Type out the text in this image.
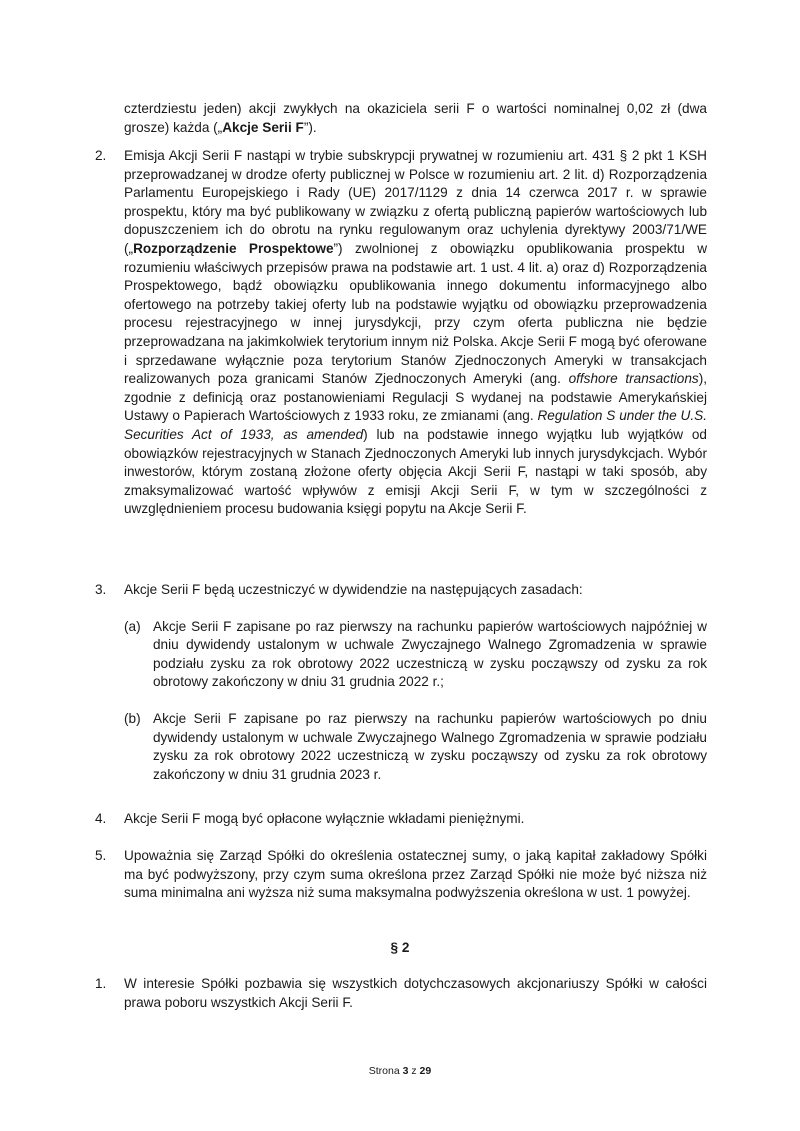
czterdziestu jeden) akcji zwykłych na okaziciela serii F o wartości nominalnej 0,02 zł (dwa grosze) każda („Akcje Serii F”).
2.	Emisja Akcji Serii F nastąpi w trybie subskrypcji prywatnej w rozumieniu art. 431 § 2 pkt 1 KSH przeprowadzanej w drodze oferty publicznej w Polsce w rozumieniu art. 2 lit. d) Rozporządzenia Parlamentu Europejskiego i Rady (UE) 2017/1129 z dnia 14 czerwca 2017 r. w sprawie prospektu, który ma być publikowany w związku z ofertą publiczną papierów wartościowych lub dopuszczeniem ich do obrotu na rynku regulowanym oraz uchylenia dyrektywy 2003/71/WE („Rozporządzenie Prospektowe”) zwolnionej z obowiązku opublikowania prospektu w rozumieniu właściwych przepisów prawa na podstawie art. 1 ust. 4 lit. a) oraz d) Rozporządzenia Prospektowego, bądź obowiązku opublikowania innego dokumentu informacyjnego albo ofertowego na potrzeby takiej oferty lub na podstawie wyjątku od obowiązku przeprowadzenia procesu rejestracyjnego w innej jurysdykcji, przy czym oferta publiczna nie będzie przeprowadzana na jakimkolwiek terytorium innym niż Polska. Akcje Serii F mogą być oferowane i sprzedawane wyłącznie poza terytorium Stanów Zjednoczonych Ameryki w transakcjach realizowanych poza granicami Stanów Zjednoczonych Ameryki (ang. offshore transactions), zgodnie z definicją oraz postanowieniami Regulacji S wydanej na podstawie Amerykańskiej Ustawy o Papierach Wartościowych z 1933 roku, ze zmianami (ang. Regulation S under the U.S. Securities Act of 1933, as amended) lub na podstawie innego wyjątku lub wyjątków od obowiązków rejestracyjnych w Stanach Zjednoczonych Ameryki lub innych jurysdykcjach. Wybór inwestorów, którym zostaną złożone oferty objęcia Akcji Serii F, nastąpi w taki sposób, aby zmaksymalizować wartość wpływów z emisji Akcji Serii F, w tym w szczególności z uwzględnieniem procesu budowania księgi popytu na Akcje Serii F.
3.	Akcje Serii F będą uczestniczyć w dywidendzie na następujących zasadach:
(a) Akcje Serii F zapisane po raz pierwszy na rachunku papierów wartościowych najpóźniej w dniu dywidendy ustalonym w uchwale Zwyczajnego Walnego Zgromadzenia w sprawie podziału zysku za rok obrotowy 2022 uczestniczą w zysku począwszy od zysku za rok obrotowy zakończony w dniu 31 grudnia 2022 r.;
(b) Akcje Serii F zapisane po raz pierwszy na rachunku papierów wartościowych po dniu dywidendy ustalonym w uchwale Zwyczajnego Walnego Zgromadzenia w sprawie podziału zysku za rok obrotowy 2022 uczestniczą w zysku począwszy od zysku za rok obrotowy zakończony w dniu 31 grudnia 2023 r.
4.	Akcje Serii F mogą być opłacone wyłącznie wkładami pieniężnymi.
5.	Upoważnia się Zarząd Spółki do określenia ostatecznej sumy, o jaką kapitał zakładowy Spółki ma być podwyższony, przy czym suma określona przez Zarząd Spółki nie może być niższa niż suma minimalna ani wyższa niż suma maksymalna podwyższenia określona w ust. 1 powyżej.
§ 2
1.	W interesie Spółki pozbawia się wszystkich dotychczasowych akcjonariuszy Spółki w całości prawa poboru wszystkich Akcji Serii F.
Strona 3 z 29
